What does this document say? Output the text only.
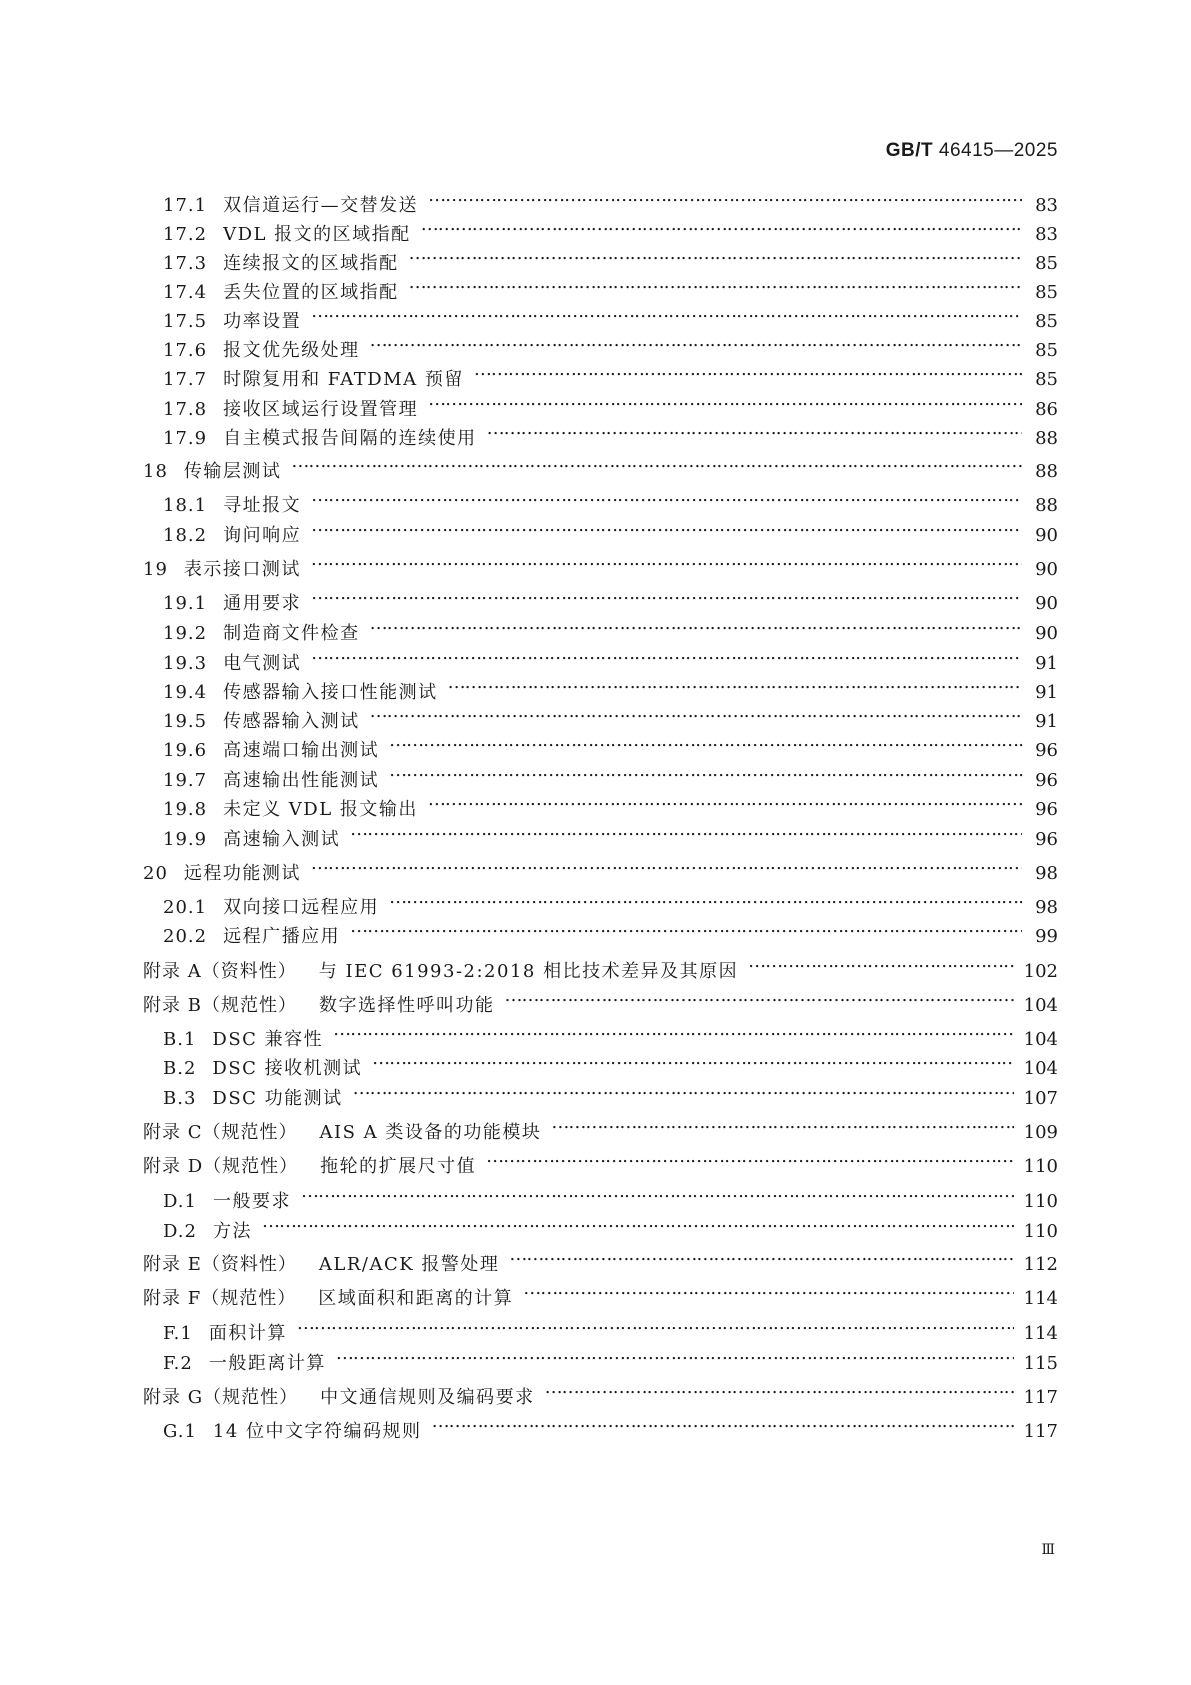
GB/T 46415—2025
17.1 双信道运行—交替发送 ……………………………………………………………………………………………………………………………………………………………………………………………………………………………………………………………………………………	83
17.2 VDL 报文的区域指配 ……………………………………………………………………………………………………………………………………………………………………………………………………………………………………………………………………………………	83
17.3 连续报文的区域指配 ……………………………………………………………………………………………………………………………………………………………………………………………………………………………………………………………………………………	85
17.4 丢失位置的区域指配 ……………………………………………………………………………………………………………………………………………………………………………………………………………………………………………………………………………………	85
17.5 功率设置 ……………………………………………………………………………………………………………………………………………………………………………………………………………………………………………………………………………………	85
17.6 报文优先级处理 ……………………………………………………………………………………………………………………………………………………………………………………………………………………………………………………………………………………	85
17.7 时隙复用和 FATDMA 预留 ……………………………………………………………………………………………………………………………………………………………………………………………………………………………………………………………………………………	85
17.8 接收区域运行设置管理 ……………………………………………………………………………………………………………………………………………………………………………………………………………………………………………………………………………………	86
17.9 自主模式报告间隔的连续使用 ……………………………………………………………………………………………………………………………………………………………………………………………………………………………………………………………………………………	88
18 传输层测试 ……………………………………………………………………………………………………………………………………………………………………………………………………………………………………………………………………………………	88
18.1 寻址报文 ……………………………………………………………………………………………………………………………………………………………………………………………………………………………………………………………………………………	88
18.2 询问响应 ……………………………………………………………………………………………………………………………………………………………………………………………………………………………………………………………………………………	90
19 表示接口测试 ……………………………………………………………………………………………………………………………………………………………………………………………………………………………………………………………………………………	90
19.1 通用要求 ……………………………………………………………………………………………………………………………………………………………………………………………………………………………………………………………………………………	90
19.2 制造商文件检查 ……………………………………………………………………………………………………………………………………………………………………………………………………………………………………………………………………………………	90
19.3 电气测试 ……………………………………………………………………………………………………………………………………………………………………………………………………………………………………………………………………………………	91
19.4 传感器输入接口性能测试 ……………………………………………………………………………………………………………………………………………………………………………………………………………………………………………………………………………………	91
19.5 传感器输入测试 ……………………………………………………………………………………………………………………………………………………………………………………………………………………………………………………………………………………	91
19.6 高速端口输出测试 ……………………………………………………………………………………………………………………………………………………………………………………………………………………………………………………………………………………	96
19.7 高速输出性能测试 ……………………………………………………………………………………………………………………………………………………………………………………………………………………………………………………………………………………	96
19.8 未定义 VDL 报文输出 ……………………………………………………………………………………………………………………………………………………………………………………………………………………………………………………………………………………	96
19.9 高速输入测试 ……………………………………………………………………………………………………………………………………………………………………………………………………………………………………………………………………………………	96
20 远程功能测试 ……………………………………………………………………………………………………………………………………………………………………………………………………………………………………………………………………………………	98
20.1 双向接口远程应用 ……………………………………………………………………………………………………………………………………………………………………………………………………………………………………………………………………………………	98
20.2 远程广播应用 ……………………………………………………………………………………………………………………………………………………………………………………………………………………………………………………………………………………	99
附录 A（资料性） 与 IEC 61993-2:2018 相比技术差异及其原因 ……………………………………………………………………………………………………………………………………………………………………………………………………………………………………………………………………………………	102
附录 B（规范性） 数字选择性呼叫功能 ……………………………………………………………………………………………………………………………………………………………………………………………………………………………………………………………………………………	104
B.1 DSC 兼容性 ……………………………………………………………………………………………………………………………………………………………………………………………………………………………………………………………………………………	104
B.2 DSC 接收机测试 ……………………………………………………………………………………………………………………………………………………………………………………………………………………………………………………………………………………	104
B.3 DSC 功能测试 ……………………………………………………………………………………………………………………………………………………………………………………………………………………………………………………………………………………	107
附录 C（规范性） AIS A 类设备的功能模块 ……………………………………………………………………………………………………………………………………………………………………………………………………………………………………………………………………………………	109
附录 D（规范性） 拖轮的扩展尺寸值 ……………………………………………………………………………………………………………………………………………………………………………………………………………………………………………………………………………………	110
D.1 一般要求 ……………………………………………………………………………………………………………………………………………………………………………………………………………………………………………………………………………………	110
D.2 方法 ……………………………………………………………………………………………………………………………………………………………………………………………………………………………………………………………………………………	110
附录 E（资料性） ALR/ACK 报警处理 ……………………………………………………………………………………………………………………………………………………………………………………………………………………………………………………………………………………	112
附录 F（规范性） 区域面积和距离的计算 ……………………………………………………………………………………………………………………………………………………………………………………………………………………………………………………………………………………	114
F.1 面积计算 ……………………………………………………………………………………………………………………………………………………………………………………………………………………………………………………………………………………	114
F.2 一般距离计算 ……………………………………………………………………………………………………………………………………………………………………………………………………………………………………………………………………………………	115
附录 G（规范性） 中文通信规则及编码要求 ……………………………………………………………………………………………………………………………………………………………………………………………………………………………………………………………………………………	117
G.1 14 位中文字符编码规则 ……………………………………………………………………………………………………………………………………………………………………………………………………………………………………………………………………………………	117
Ⅲ
